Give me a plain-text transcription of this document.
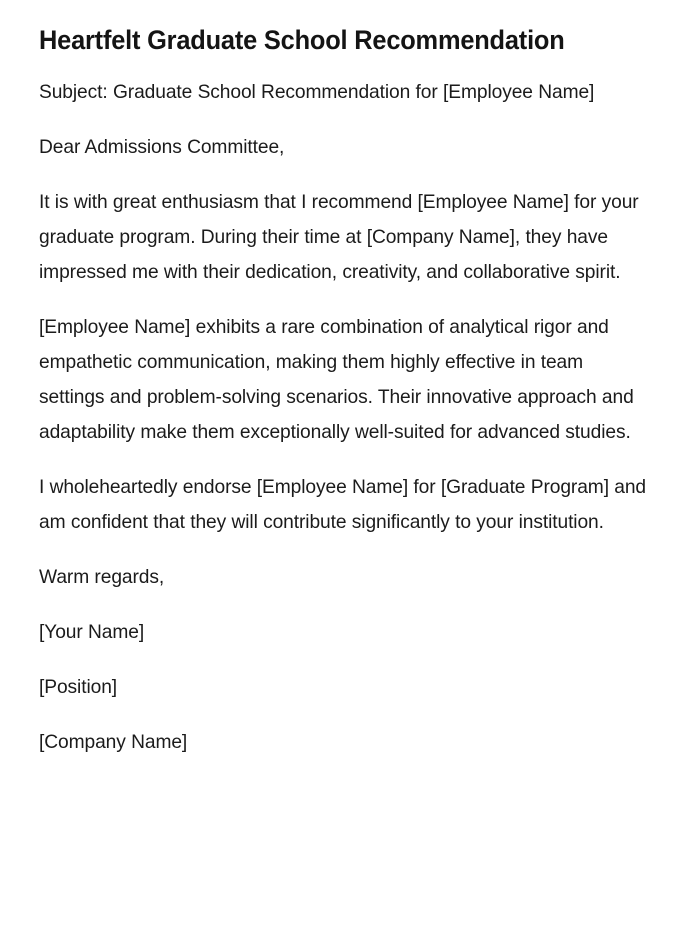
Heartfelt Graduate School Recommendation

Subject: Graduate School Recommendation for [Employee Name]

Dear Admissions Committee,

It is with great enthusiasm that I recommend [Employee Name] for your graduate program. During their time at [Company Name], they have impressed me with their dedication, creativity, and collaborative spirit.

[Employee Name] exhibits a rare combination of analytical rigor and empathetic communication, making them highly effective in team settings and problem-solving scenarios. Their innovative approach and adaptability make them exceptionally well-suited for advanced studies.

I wholeheartedly endorse [Employee Name] for [Graduate Program] and am confident that they will contribute significantly to your institution.

Warm regards,

[Your Name]

[Position]

[Company Name]
